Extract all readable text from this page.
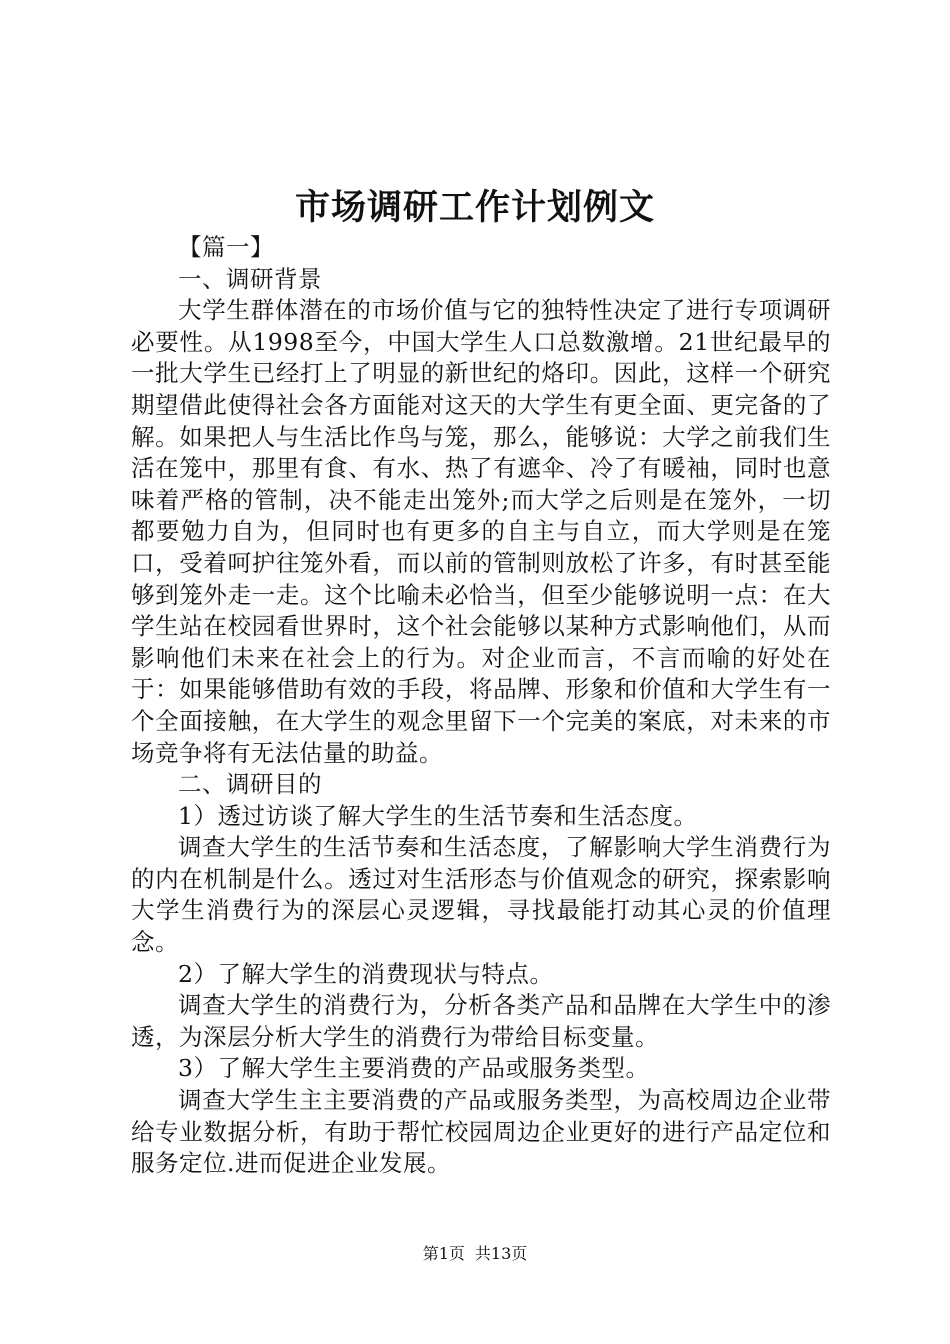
市场调研工作计划例文

【篇一】

一、调研背景

大学生群体潜在的市场价值与它的独特性决定了进行专项调研必要性。从1998至今，中国大学生人口总数激增。21世纪最早的一批大学生已经打上了明显的新世纪的烙印。因此，这样一个研究期望借此使得社会各方面能对这天的大学生有更全面、更完备的了解。如果把人与生活比作鸟与笼，那么，能够说：大学之前我们生活在笼中，那里有食、有水、热了有遮伞、冷了有暖袖，同时也意味着严格的管制，决不能走出笼外;而大学之后则是在笼外，一切都要勉力自为，但同时也有更多的自主与自立，而大学则是在笼口，受着呵护往笼外看，而以前的管制则放松了许多，有时甚至能够到笼外走一走。这个比喻未必恰当，但至少能够说明一点：在大学生站在校园看世界时，这个社会能够以某种方式影响他们，从而影响他们未来在社会上的行为。对企业而言，不言而喻的好处在于：如果能够借助有效的手段，将品牌、形象和价值和大学生有一个全面接触，在大学生的观念里留下一个完美的案底，对未来的市场竞争将有无法估量的助益。

二、调研目的

1）透过访谈了解大学生的生活节奏和生活态度。

调查大学生的生活节奏和生活态度，了解影响大学生消费行为的内在机制是什么。透过对生活形态与价值观念的研究，探索影响大学生消费行为的深层心灵逻辑，寻找最能打动其心灵的价值理念。

2）了解大学生的消费现状与特点。

调查大学生的消费行为，分析各类产品和品牌在大学生中的渗透，为深层分析大学生的消费行为带给目标变量。

3）了解大学生主要消费的产品或服务类型。

调查大学生主主要消费的产品或服务类型，为高校周边企业带给专业数据分析，有助于帮忙校园周边企业更好的进行产品定位和服务定位.进而促进企业发展。

第1页 共13页
